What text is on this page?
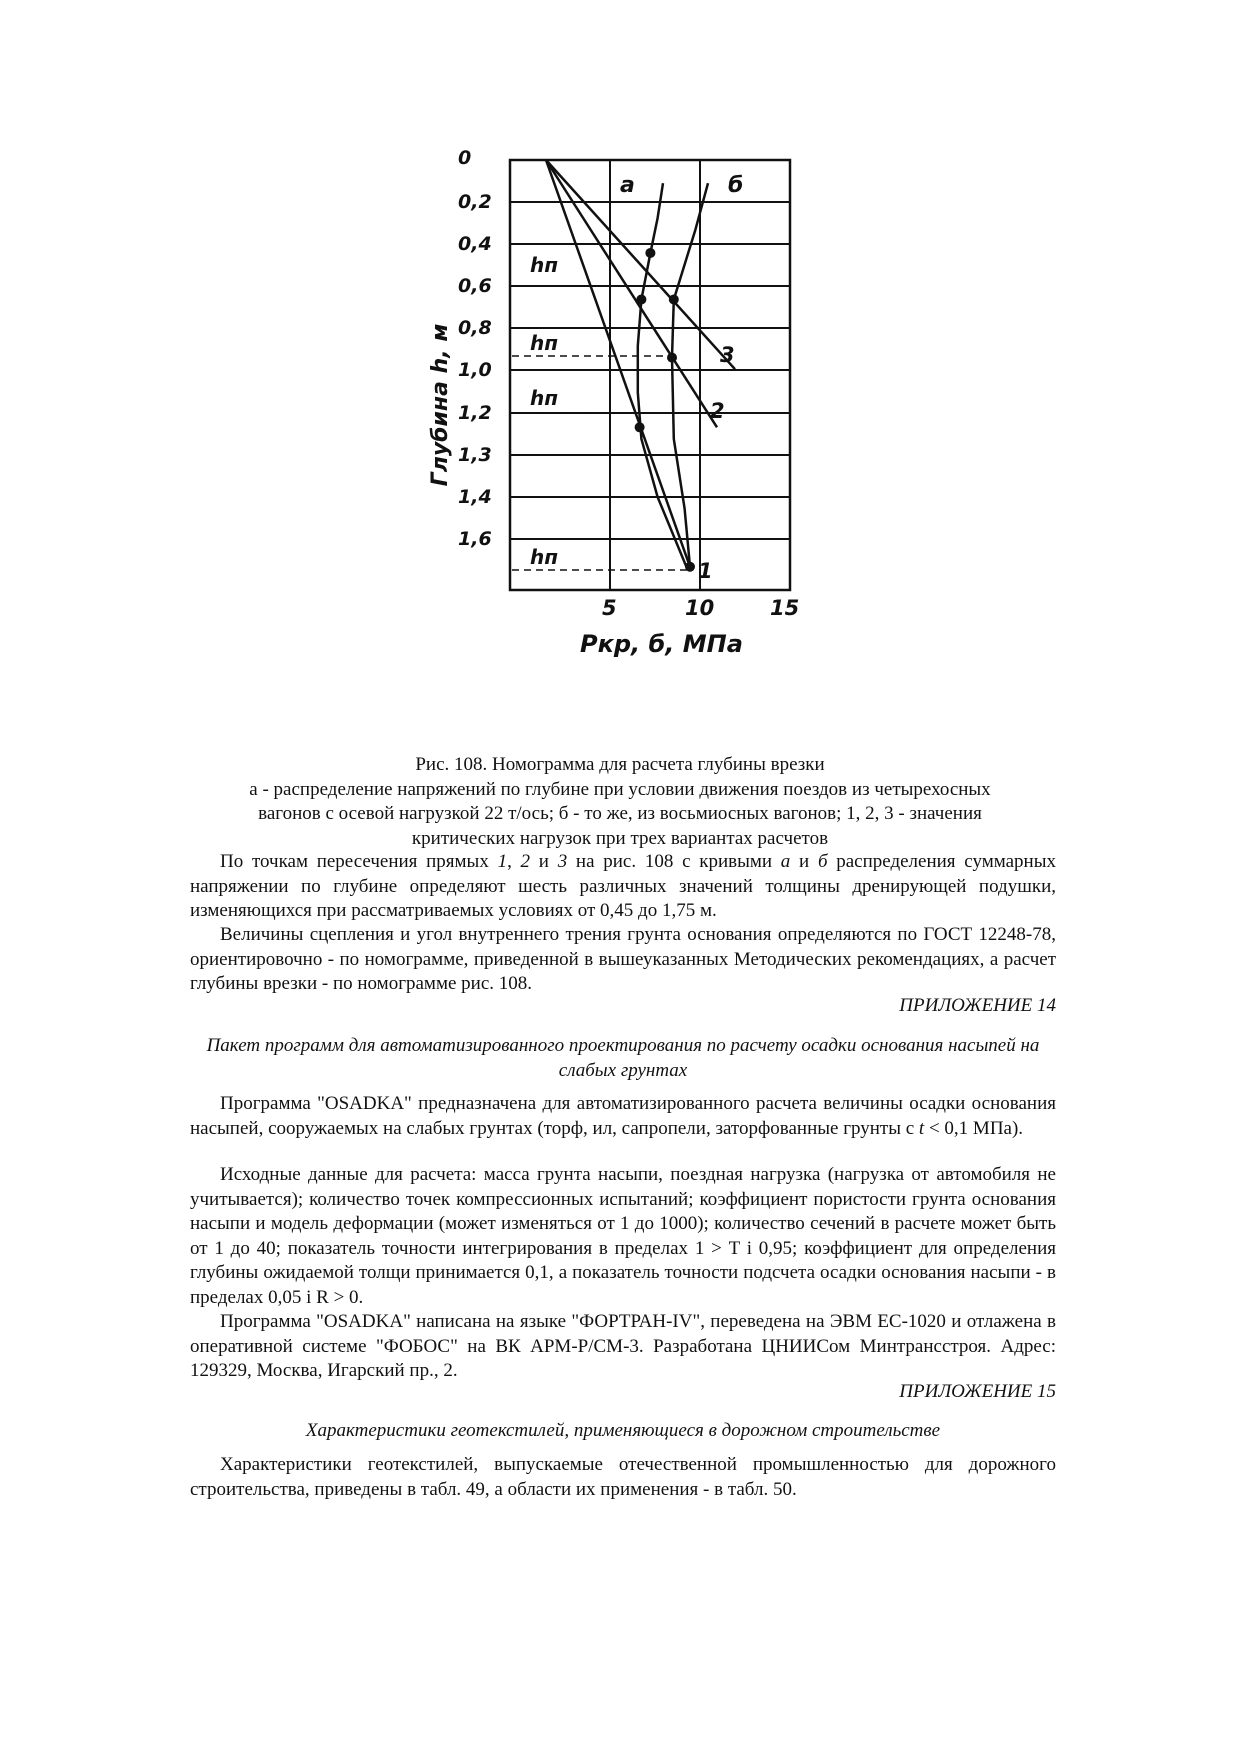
0
0,2
0,4
0,6
0,8
1,0
1,2
1,3
1,4
1,6
5	10	15
Pкр, б, МПа
Глубина h, м
а	б
3
2
1
hп
hп
hп
hп
Рис. 108. Номограмма для расчета глубины врезки
а - распределение напряжений по глубине при условии движения поездов из четырехосных
вагонов с осевой нагрузкой 22 т/ось; б - то же, из восьмиосных вагонов; 1, 2, 3 - значения
критических нагрузок при трех вариантах расчетов
По точкам пересечения прямых 1, 2 и 3 на рис. 108 с кривыми а и б распределения суммарных напряжении по глубине определяют шесть различных значений толщины дренирующей подушки, изменяющихся при рассматриваемых условиях от 0,45 до 1,75 м.
Величины сцепления и угол внутреннего трения грунта основания определяются по ГОСТ 12248-78, ориентировочно - по номограмме, приведенной в вышеуказанных Методических рекомендациях, а расчет глубины врезки - по номограмме рис. 108.
ПРИЛОЖЕНИЕ 14
Пакет программ для автоматизированного проектирования по расчету осадки основания насыпей на слабых грунтах
Программа "OSADKA" предназначена для автоматизированного расчета величины осадки основания насыпей, сооружаемых на слабых грунтах (торф, ил, сапропели, заторфованные грунты с t < 0,1 МПа).
Исходные данные для расчета: масса грунта насыпи, поездная нагрузка (нагрузка от автомобиля не учитывается); количество точек компрессионных испытаний; коэффициент пористости грунта основания насыпи и модель деформации (может изменяться от 1 до 1000); количество сечений в расчете может быть от 1 до 40; показатель точности интегрирования в пределах 1 > T і 0,95; коэффициент для определения глубины ожидаемой толщи принимается 0,1, а показатель точности подсчета осадки основания насыпи - в пределах 0,05 і R > 0.
Программа "OSADKA" написана на языке "ФОРТРАН-IV", переведена на ЭВМ ЕС-1020 и отлажена в оперативной системе "ФОБОС" на ВК АРМ-Р/СМ-3. Разработана ЦНИИСом Минтрансстроя. Адрес: 129329, Москва, Игарский пр., 2.
ПРИЛОЖЕНИЕ 15
Характеристики геотекстилей, применяющиеся в дорожном строительстве
Характеристики геотекстилей, выпускаемые отечественной промышленностью для дорожного строительства, приведены в табл. 49, а области их применения - в табл. 50.
